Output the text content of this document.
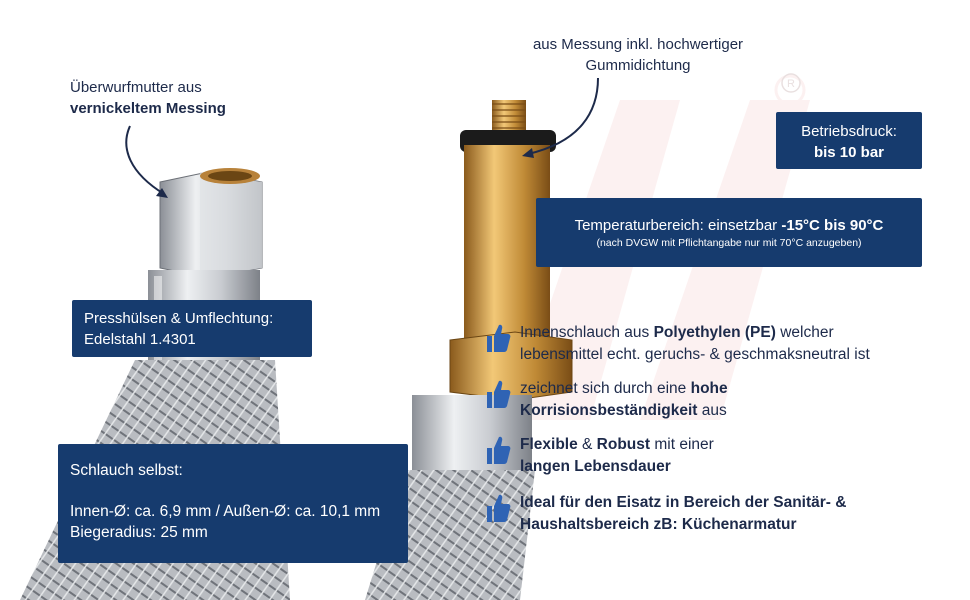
R
Überwurfmutter aus
vernickeltem Messing
aus Messung inkl. hochwertiger
Gummidichtung
Betriebsdruck:
bis 10 bar
Temperaturbereich: einsetzbar -15°C bis 90°C
(nach DVGW mit Pflichtangabe nur mit 70°C anzugeben)
Presshülsen & Umflechtung:
Edelstahl 1.4301
Schlauch selbst:
Innen-Ø: ca. 6,9 mm / Außen-Ø: ca. 10,1 mm
Biegeradius: 25 mm
Innenschlauch aus Polyethylen (PE) welcher
lebensmittel echt. geruchs- & geschmaksneutral ist
zeichnet sich durch eine hohe
Korrisionsbeständigkeit aus
Flexible & Robust mit einer
langen Lebensdauer
Ideal für den Eisatz in Bereich der Sanitär- &
Haushaltsbereich zB: Küchenarmatur
